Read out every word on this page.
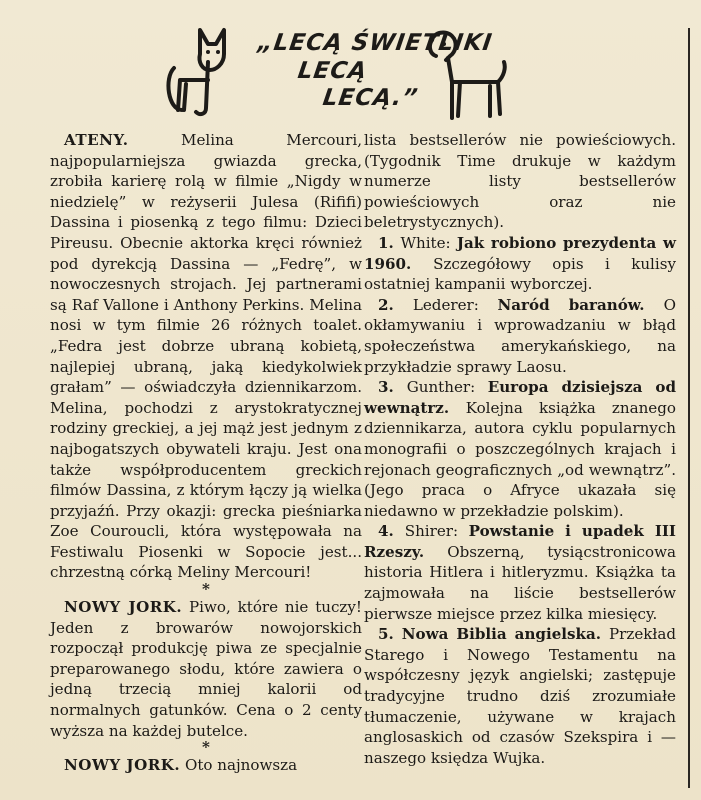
„LECĄ ŚWIETLIKI
LECĄ
LECĄ.”

ATENY.	Melina Mercouri, najpopularniejsza gwiazda grecka, zrobiła karierę rolą w filmie „Nigdy w niedzielę” w reżyserii Julesa (Rififi) Dassina i piosenką z tego filmu: Dzieci Pireusu. Obecnie aktorka kręci również pod dyrekcją Dassina — „Fedrę”, w nowoczesnych strojach. Jej partnerami są Raf Vallone i Anthony Perkins. Melina nosi w tym filmie 26 różnych toalet. „Fedra jest dobrze ubraną kobietą, najlepiej ubraną, jaką kiedykolwiek grałam” — oświadczyła dziennikarzom. Melina, pochodzi z arystokratycznej rodziny greckiej, a jej mąż jest jednym z najbogatszych obywateli kraju. Jest ona także współproducentem greckich filmów Dassina, z którym łączy ją wielka przyjaźń. Przy okazji: grecka pieśniarka Zoe Couroucli, która występowała na Festiwalu Piosenki w Sopocie jest... chrzestną córką Meliny Mercouri!

*

NOWY JORK. Piwo, które nie tuczy! Jeden z browarów nowojorskich rozpoczął produkcję piwa ze specjalnie preparowanego słodu, które zawiera o jedną trzecią mniej kalorii od normalnych gatunków. Cena o 2 centy wyższa na każdej butelce.

*

NOWY JORK. Oto najnowsza

lista bestsellerów nie powieściowych. (Tygodnik Time drukuje w każdym numerze listy bestsellerów powieściowych oraz nie beletrystycznych).

1. White: Jak robiono prezydenta w 1960. Szczegółowy opis i kulisy ostatniej kampanii wyborczej.

2. Lederer: Naród baranów. O okłamywaniu i wprowadzaniu w błąd społeczeństwa amerykańskiego, na przykładzie sprawy Laosu.

3. Gunther: Europa dzisiejsza od wewnątrz. Kolejna książka znanego dziennikarza, autora cyklu popularnych monografii o poszczególnych krajach i rejonach geograficznych „od wewnątrz”. (Jego praca o Afryce ukazała się niedawno w przekładzie polskim).

4. Shirer: Powstanie i upadek III Rzeszy. Obszerną, tysiącstronicowa historia Hitlera i hitleryzmu. Książka ta zajmowała na liście bestsellerów pierwsze miejsce przez kilka miesięcy.

5. Nowa Biblia angielska. Przekład Starego i Nowego Testamentu na współczesny język angielski; zastępuje tradycyjne trudno dziś zrozumiałe tłumaczenie, używane w krajach anglosaskich od czasów Szekspira i — naszego księdza Wujka.
